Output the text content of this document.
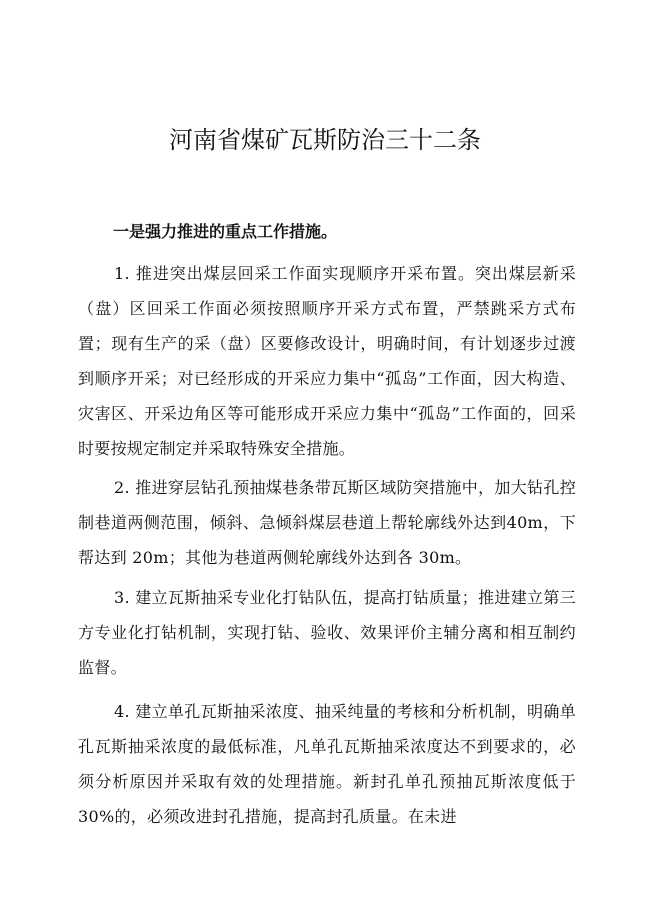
河南省煤矿瓦斯防治三十二条
一是强力推进的重点工作措施。

1. 推进突出煤层回采工作面实现顺序开采布置。突出煤层新采（盘）区回采工作面必须按照顺序开采方式布置，严禁跳采方式布置；现有生产的采（盘）区要修改设计，明确时间，有计划逐步过渡到顺序开采；对已经形成的开采应力集中“孤岛”工作面，因大构造、灾害区、开采边角区等可能形成开采应力集中“孤岛”工作面的，回采时要按规定制定并采取特殊安全措施。

2. 推进穿层钻孔预抽煤巷条带瓦斯区域防突措施中，加大钻孔控制巷道两侧范围，倾斜、急倾斜煤层巷道上帮轮廓线外达到40m，下帮达到 20m；其他为巷道两侧轮廓线外达到各 30m。

3. 建立瓦斯抽采专业化打钻队伍，提高打钻质量；推进建立第三方专业化打钻机制，实现打钻、验收、效果评价主辅分离和相互制约监督。

4. 建立单孔瓦斯抽采浓度、抽采纯量的考核和分析机制，明确单孔瓦斯抽采浓度的最低标准，凡单孔瓦斯抽采浓度达不到要求的，必须分析原因并采取有效的处理措施。新封孔单孔预抽瓦斯浓度低于 30%的，必须改进封孔措施，提高封孔质量。在未进
